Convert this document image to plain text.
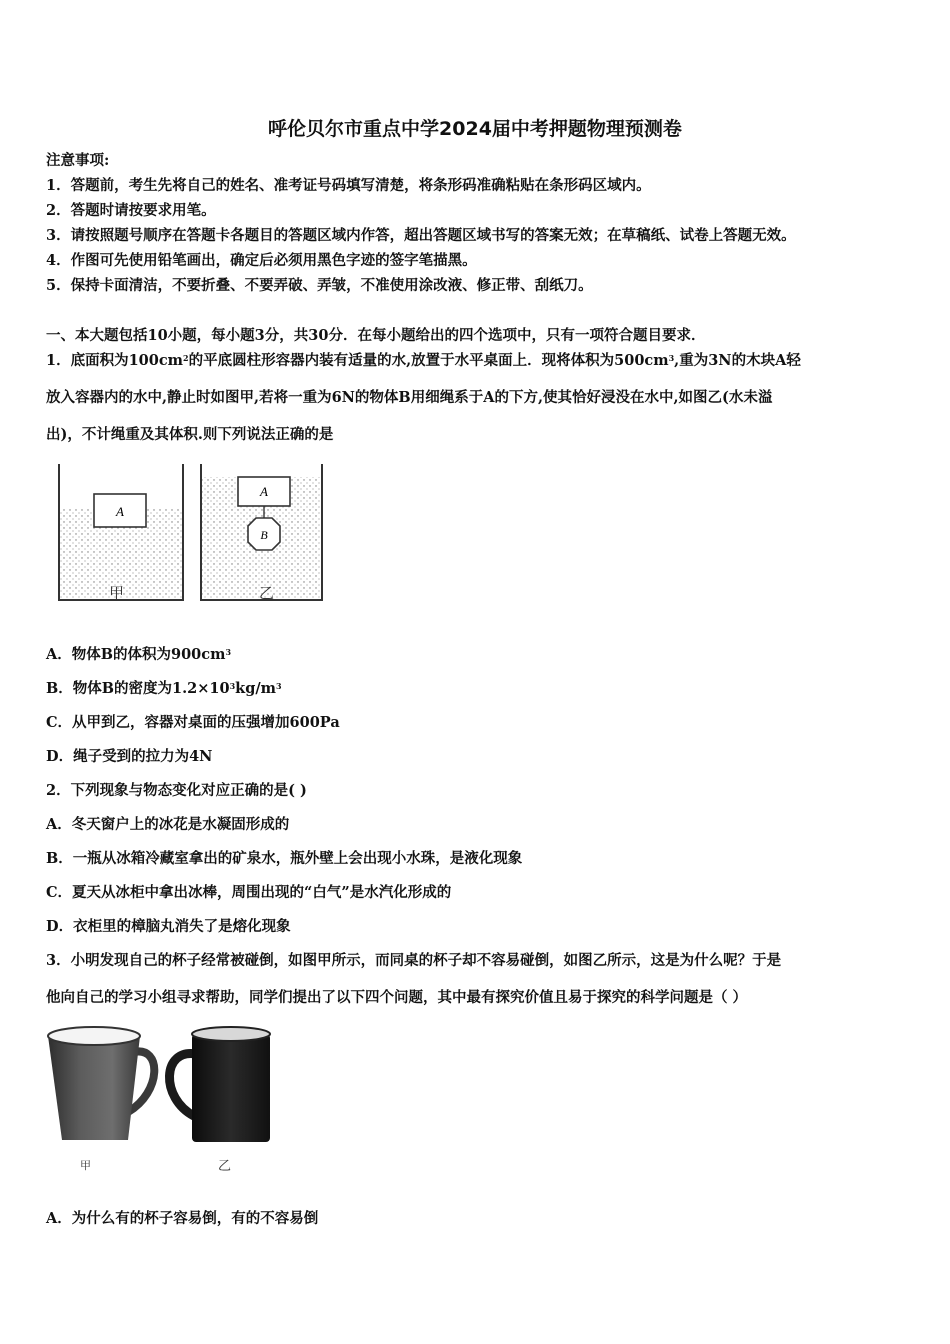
呼伦贝尔市重点中学2024届中考押题物理预测卷
注意事项:
1．答题前，考生先将自己的姓名、准考证号码填写清楚，将条形码准确粘贴在条形码区域内。
2．答题时请按要求用笔。
3．请按照题号顺序在答题卡各题目的答题区域内作答，超出答题区域书写的答案无效；在草稿纸、试卷上答题无效。
4．作图可先使用铅笔画出，确定后必须用黑色字迹的签字笔描黑。
5．保持卡面清洁，不要折叠、不要弄破、弄皱，不准使用涂改液、修正带、刮纸刀。
一、本大题包括10小题，每小题3分，共30分．在每小题给出的四个选项中，只有一项符合题目要求．
1．底面积为$100cm^2$的平底圆柱形容器内装有适量的水,放置于水平桌面上．现将体积为$500cm^3$,重为3N的木块A轻
放入容器内的水中,静止时如图甲,若将一重为6N的物体B用细绳系于A的下方,使其恰好浸没在水中,如图乙(水未溢
出)，不计绳重及其体积.则下列说法正确的是
A
A
B
甲	乙
A．物体B的体积为$900cm^3$
B．物体B的密度为$1.2\times 10^3kg/m^3$
C．从甲到乙，容器对桌面的压强增加600Pa
D．绳子受到的拉力为4N
2．下列现象与物态变化对应正确的是( )
A．冬天窗户上的冰花是水凝固形成的
B．一瓶从冰箱冷藏室拿出的矿泉水，瓶外壁上会出现小水珠，是液化现象
C．夏天从冰柜中拿出冰棒，周围出现的“白气”是水汽化形成的
D．衣柜里的樟脑丸消失了是熔化现象
3．小明发现自己的杯子经常被碰倒，如图甲所示，而同桌的杯子却不容易碰倒，如图乙所示，这是为什么呢？于是
他向自己的学习小组寻求帮助，同学们提出了以下四个问题，其中最有探究价值且易于探究的科学问题是（ ）
甲	乙
A．为什么有的杯子容易倒，有的不容易倒
